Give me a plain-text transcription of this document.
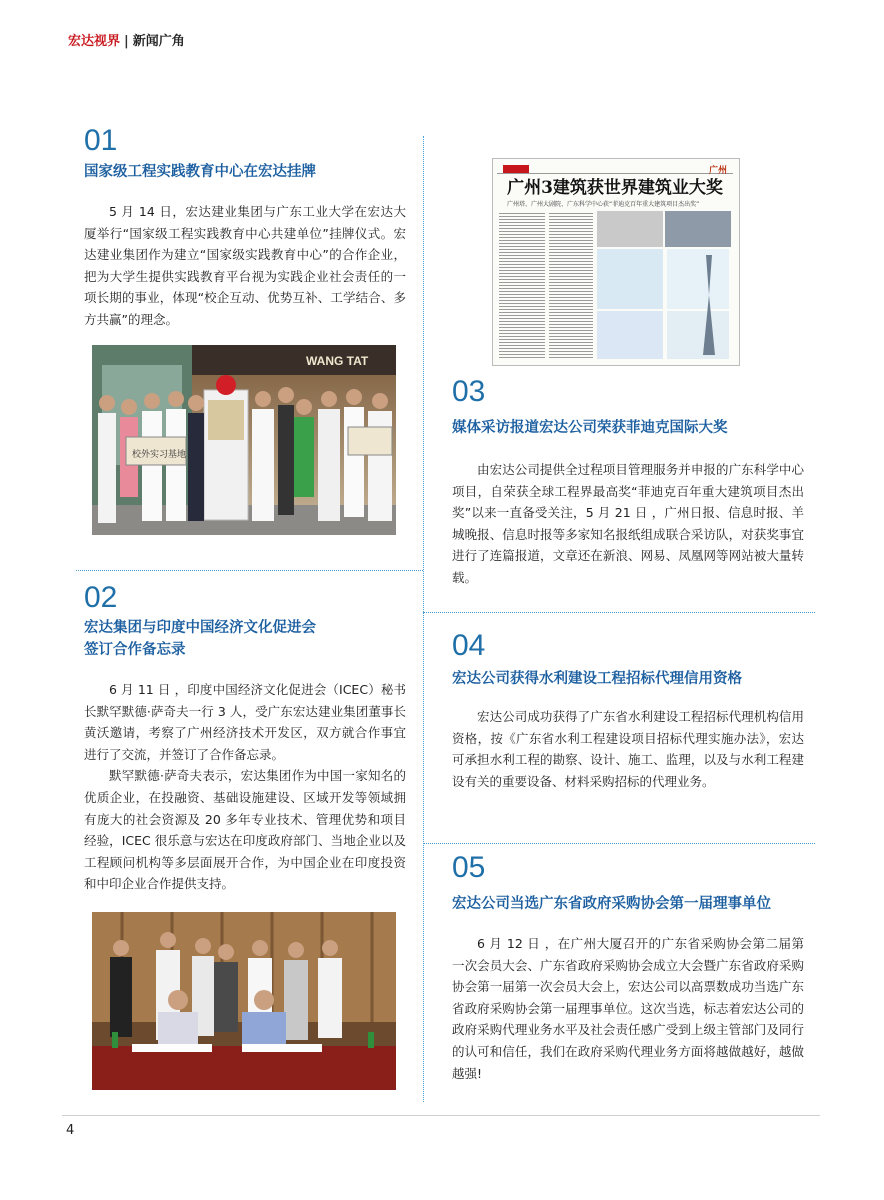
宏达视界 | 新闻广角
01
国家级工程实践教育中心在宏达挂牌

5 月 14 日，宏达建业集团与广东工业大学在宏达大厦举行“国家级工程实践教育中心共建单位”挂牌仪式。宏达建业集团作为建立“国家级实践教育中心”的合作企业，把为大学生提供实践教育平台视为实践企业社会责任的一项长期的事业，体现“校企互动、优势互补、工学结合、多方共赢”的理念。

WANG TAT
校外实习基地
02
宏达集团与印度中国经济文化促进会
签订合作备忘录

6 月 11 日 ，印度中国经济文化促进会（ICEC）秘书长默罕默德·萨奇夫一行 3 人，受广东宏达建业集团董事长黄沃邀请，考察了广州经济技术开发区，双方就合作事宜进行了交流，并签订了合作备忘录。

默罕默德·萨奇夫表示，宏达集团作为中国一家知名的优质企业，在投融资、基础设施建设、区域开发等领域拥有庞大的社会资源及 20 多年专业技术、管理优势和项目经验，ICEC 很乐意与宏达在印度政府部门、当地企业以及工程顾问机构等多层面展开合作，为中国企业在印度投资和中印企业合作提供支持。

广州
广州3建筑获世界建筑业大奖
广州塔、广州大剧院、广东科学中心获“菲迪克百年重大建筑项目杰出奖”
03
媒体采访报道宏达公司荣获菲迪克国际大奖

由宏达公司提供全过程项目管理服务并申报的广东科学中心项目，自荣获全球工程界最高奖“菲迪克百年重大建筑项目杰出奖”以来一直备受关注，5 月 21 日 ，广州日报、信息时报、羊城晚报、信息时报等多家知名报纸组成联合采访队，对获奖事宜进行了连篇报道，文章还在新浪、网易、凤凰网等网站被大量转载。

04
宏达公司获得水利建设工程招标代理信用资格

宏达公司成功获得了广东省水利建设工程招标代理机构信用资格，按《广东省水利工程建设项目招标代理实施办法》，宏达可承担水利工程的勘察、设计、施工、监理，以及与水利工程建设有关的重要设备、材料采购招标的代理业务。

05
宏达公司当选广东省政府采购协会第一届理事单位

6 月 12 日 ，在广州大厦召开的广东省采购协会第二届第一次会员大会、广东省政府采购协会成立大会暨广东省政府采购协会第一届第一次会员大会上，宏达公司以高票数成功当选广东省政府采购协会第一届理事单位。这次当选，标志着宏达公司的政府采购代理业务水平及社会责任感广受到上级主管部门及同行的认可和信任，我们在政府采购代理业务方面将越做越好，越做越强!

4
